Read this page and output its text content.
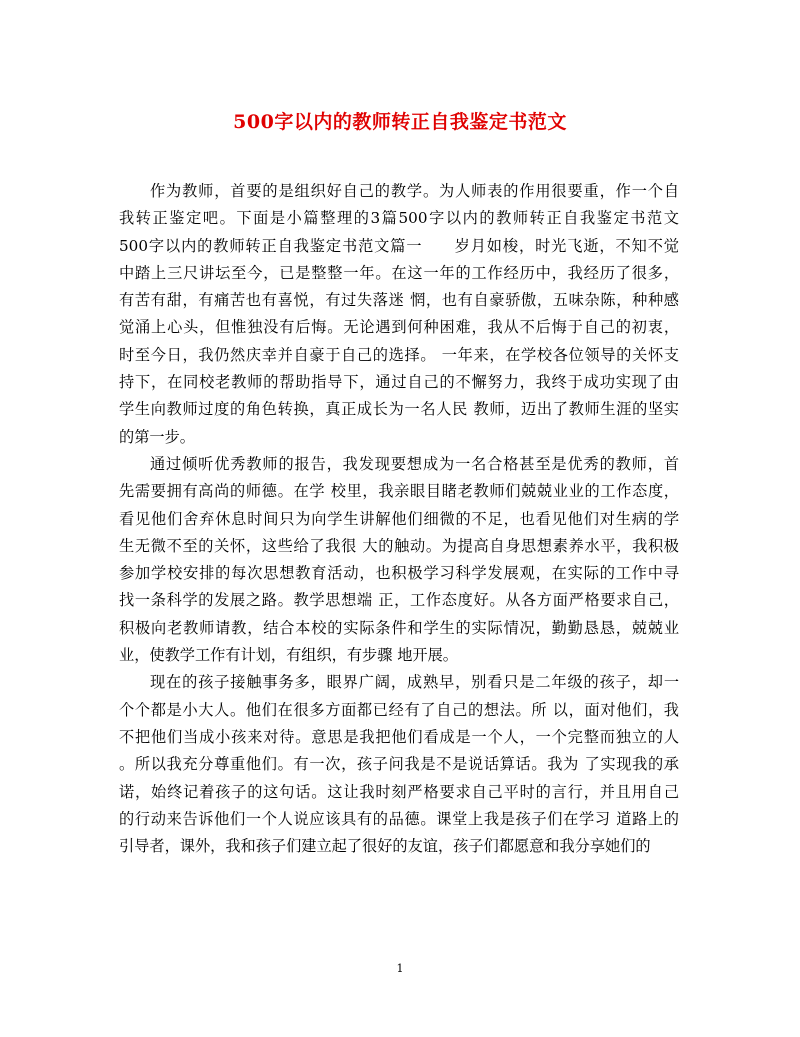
500字以内的教师转正自我鉴定书范文

作为教师，首要的是组织好自己的教学。为人师表的作用很要重，作一个自
我转正鉴定吧。下面是小篇整理的3篇500字以内的教师转正自我鉴定书范文
500字以内的教师转正自我鉴定书范文篇一　　岁月如梭，时光飞逝，不知不觉
中踏上三尺讲坛至今，已是整整一年。在这一年的工作经历中，我经历了很多，
有苦有甜，有痛苦也有喜悦，有过失落迷 惘，也有自豪骄傲，五味杂陈，种种感
觉涌上心头，但惟独没有后悔。无论遇到何种困难，我从不后悔于自己的初衷，
时至今日，我仍然庆幸并自豪于自己的选择。 一年来，在学校各位领导的关怀支
持下，在同校老教师的帮助指导下，通过自己的不懈努力，我终于成功实现了由
学生向教师过度的角色转换，真正成长为一名人民 教师，迈出了教师生涯的坚实
的第一步。

通过倾听优秀教师的报告，我发现要想成为一名合格甚至是优秀的教师，首
先需要拥有高尚的师德。在学 校里，我亲眼目睹老教师们兢兢业业的工作态度，
看见他们舍弃休息时间只为向学生讲解他们细微的不足，也看见他们对生病的学
生无微不至的关怀，这些给了我很 大的触动。为提高自身思想素养水平，我积极
参加学校安排的每次思想教育活动，也积极学习科学发展观，在实际的工作中寻
找一条科学的发展之路。教学思想端 正，工作态度好。从各方面严格要求自己，
积极向老教师请教，结合本校的实际条件和学生的实际情况，勤勤恳恳，兢兢业
业，使教学工作有计划，有组织，有步骤 地开展。

现在的孩子接触事务多，眼界广阔，成熟早，别看只是二年级的孩子，却一
个个都是小大人。他们在很多方面都已经有了自己的想法。所 以，面对他们，我
不把他们当成小孩来对待。意思是我把他们看成是一个人，一个完整而独立的人
。所以我充分尊重他们。有一次，孩子问我是不是说话算话。我为 了实现我的承
诺，始终记着孩子的这句话。这让我时刻严格要求自己平时的言行，并且用自己
的行动来告诉他们一个人说应该具有的品德。课堂上我是孩子们在学习 道路上的
引导者，课外，我和孩子们建立起了很好的友谊，孩子们都愿意和我分享她们的

1
